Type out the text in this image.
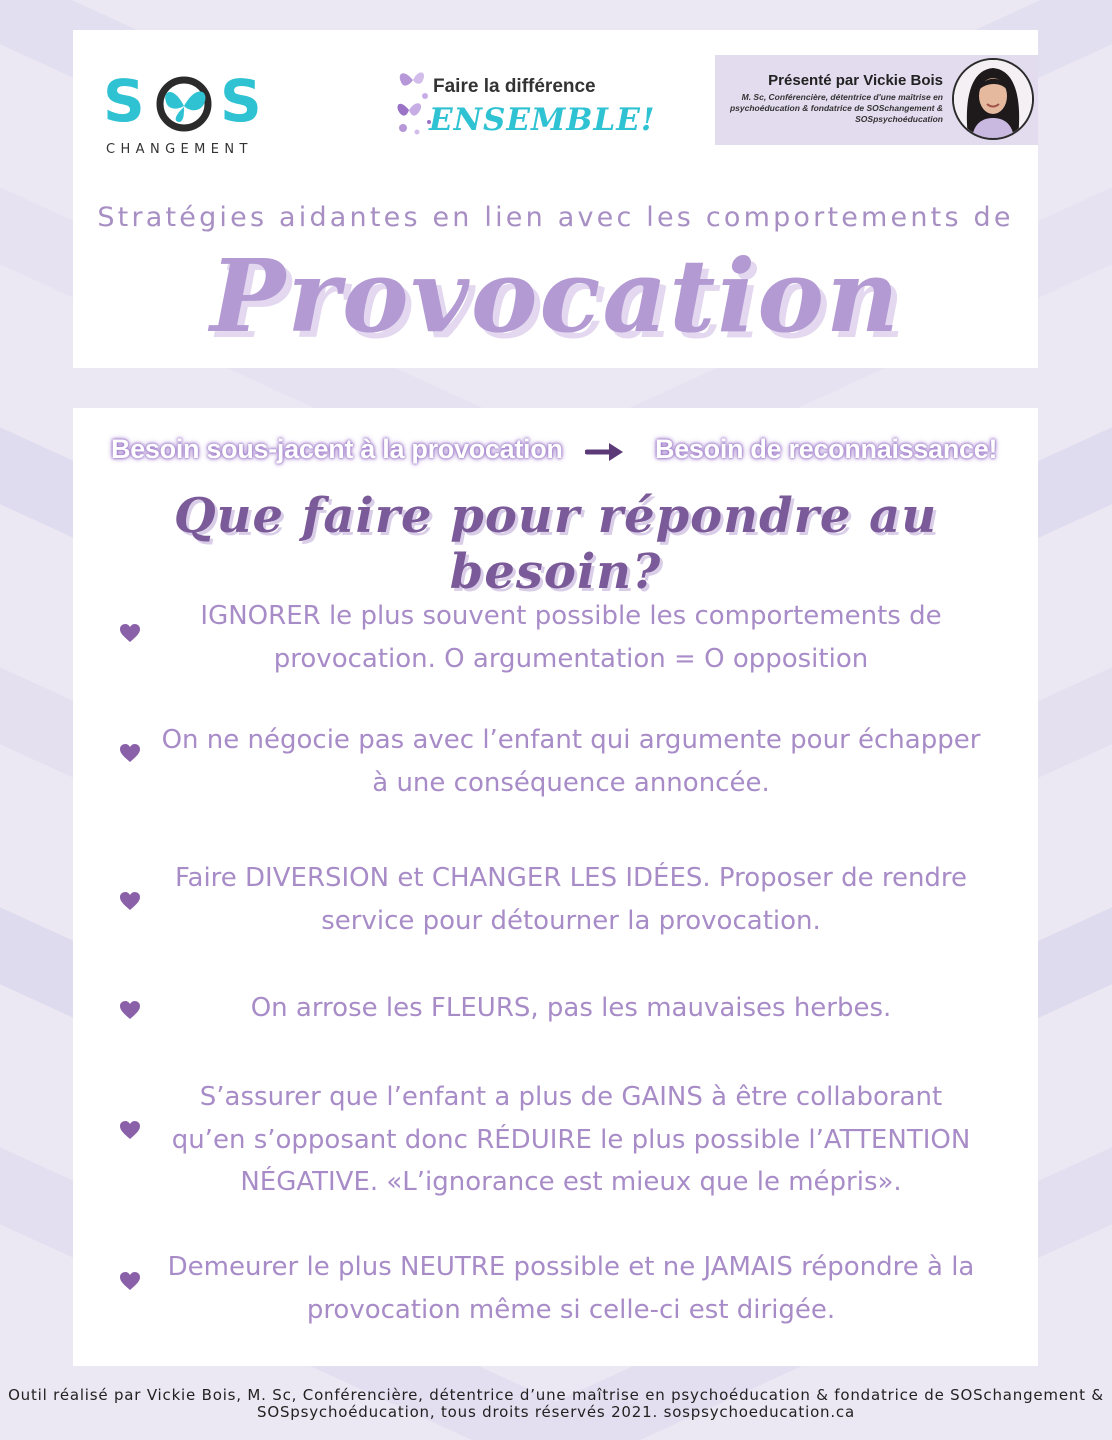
S S
CHANGEMENT
Faire la différence
ENSEMBLE!
Présenté par Vickie Bois
M. Sc, Conférencière, détentrice d'une maîtrise en psychoéducation & fondatrice de SOSchangement & SOSpsychoéducation
Stratégies aidantes en lien avec les comportements de
Provocation
Besoin sous-jacent à la provocation	Besoin de reconnaissance!
Que faire pour répondre au besoin?
IGNORER le plus souvent possible les comportements de provocation. O argumentation = O opposition
On ne négocie pas avec l’enfant qui argumente pour échapper à une conséquence annoncée.
Faire DIVERSION et CHANGER LES IDÉES. Proposer de rendre service pour détourner la provocation.
On arrose les FLEURS, pas les mauvaises herbes.
S’assurer que l’enfant a plus de GAINS à être collaborant qu’en s’opposant donc RÉDUIRE le plus possible l’ATTENTION NÉGATIVE. «L’ignorance est mieux que le mépris».
Demeurer le plus NEUTRE possible et ne JAMAIS répondre à la provocation même si celle-ci est dirigée.
Outil réalisé par Vickie Bois, M. Sc, Conférencière, détentrice d’une maîtrise en psychoéducation & fondatrice de SOSchangement & SOSpsychoéducation, tous droits réservés 2021. sospsychoeducation.ca
